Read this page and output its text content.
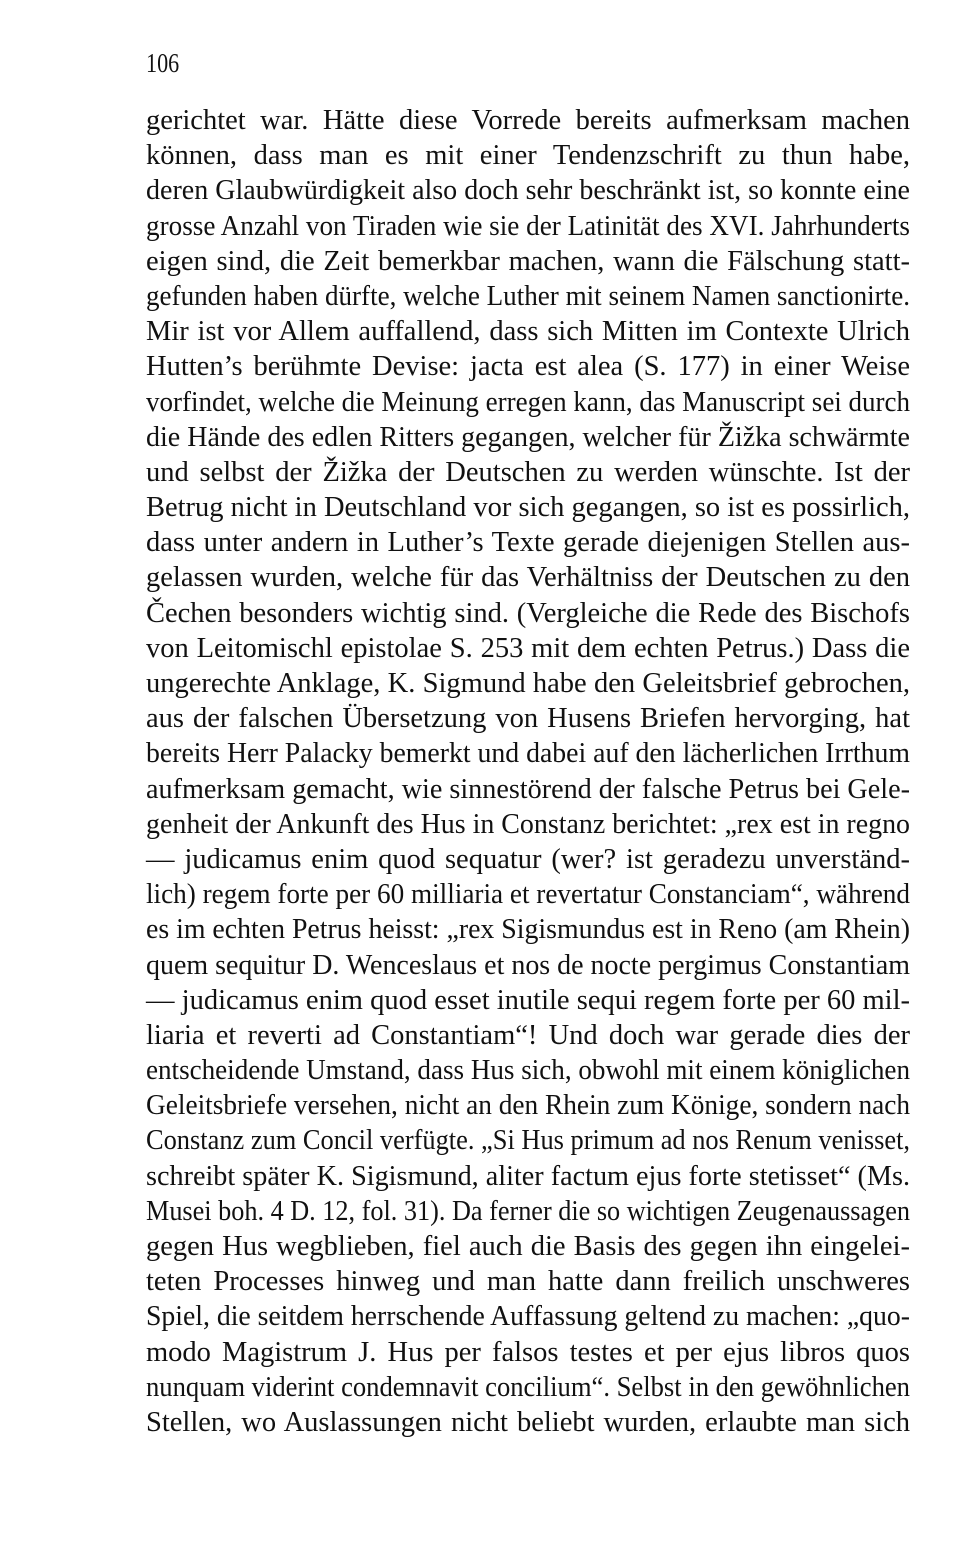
106
gerichtet war. Hätte diese Vorrede bereits aufmerksam machen
können, dass man es mit einer Tendenzschrift zu thun habe,
deren Glaubwürdigkeit also doch sehr beschränkt ist, so konnte eine
grosse Anzahl von Tiraden wie sie der Latinität des XVI. Jahrhunderts
eigen sind, die Zeit bemerkbar machen, wann die Fälschung statt-
gefunden haben dürfte, welche Luther mit seinem Namen sanctionirte.
Mir ist vor Allem auffallend, dass sich Mitten im Contexte Ulrich
Hutten’s berühmte Devise: jacta est alea (S. 177) in einer Weise
vorfindet, welche die Meinung erregen kann, das Manuscript sei durch
die Hände des edlen Ritters gegangen, welcher für Žižka schwärmte
und selbst der Žižka der Deutschen zu werden wünschte. Ist der
Betrug nicht in Deutschland vor sich gegangen, so ist es possirlich,
dass unter andern in Luther’s Texte gerade diejenigen Stellen aus-
gelassen wurden, welche für das Verhältniss der Deutschen zu den
Čechen besonders wichtig sind. (Vergleiche die Rede des Bischofs
von Leitomischl epistolae S. 253 mit dem echten Petrus.) Dass die
ungerechte Anklage, K. Sigmund habe den Geleitsbrief gebrochen,
aus der falschen Übersetzung von Husens Briefen hervorging, hat
bereits Herr Palacky bemerkt und dabei auf den lächerlichen Irrthum
aufmerksam gemacht, wie sinnestörend der falsche Petrus bei Gele-
genheit der Ankunft des Hus in Constanz berichtet: „rex est in regno
— judicamus enim quod sequatur (wer? ist geradezu unverständ-
lich) regem forte per 60 milliaria et revertatur Constanciam“, während
es im echten Petrus heisst: „rex Sigismundus est in Reno (am Rhein)
quem sequitur D. Wenceslaus et nos de nocte pergimus Constantiam
— judicamus enim quod esset inutile sequi regem forte per 60 mil-
liaria et reverti ad Constantiam“! Und doch war gerade dies der
entscheidende Umstand, dass Hus sich, obwohl mit einem königlichen
Geleitsbriefe versehen, nicht an den Rhein zum Könige, sondern nach
Constanz zum Concil verfügte. „Si Hus primum ad nos Renum venisset,
schreibt später K. Sigismund, aliter factum ejus forte stetisset“ (Ms.
Musei boh. 4 D. 12, fol. 31). Da ferner die so wichtigen Zeugenaussagen
gegen Hus wegblieben, fiel auch die Basis des gegen ihn eingelei-
teten Processes hinweg und man hatte dann freilich unschweres
Spiel, die seitdem herrschende Auffassung geltend zu machen: „quo-
modo Magistrum J. Hus per falsos testes et per ejus libros quos
nunquam viderint condemnavit concilium“. Selbst in den gewöhnlichen
Stellen, wo Auslassungen nicht beliebt wurden, erlaubte man sich
